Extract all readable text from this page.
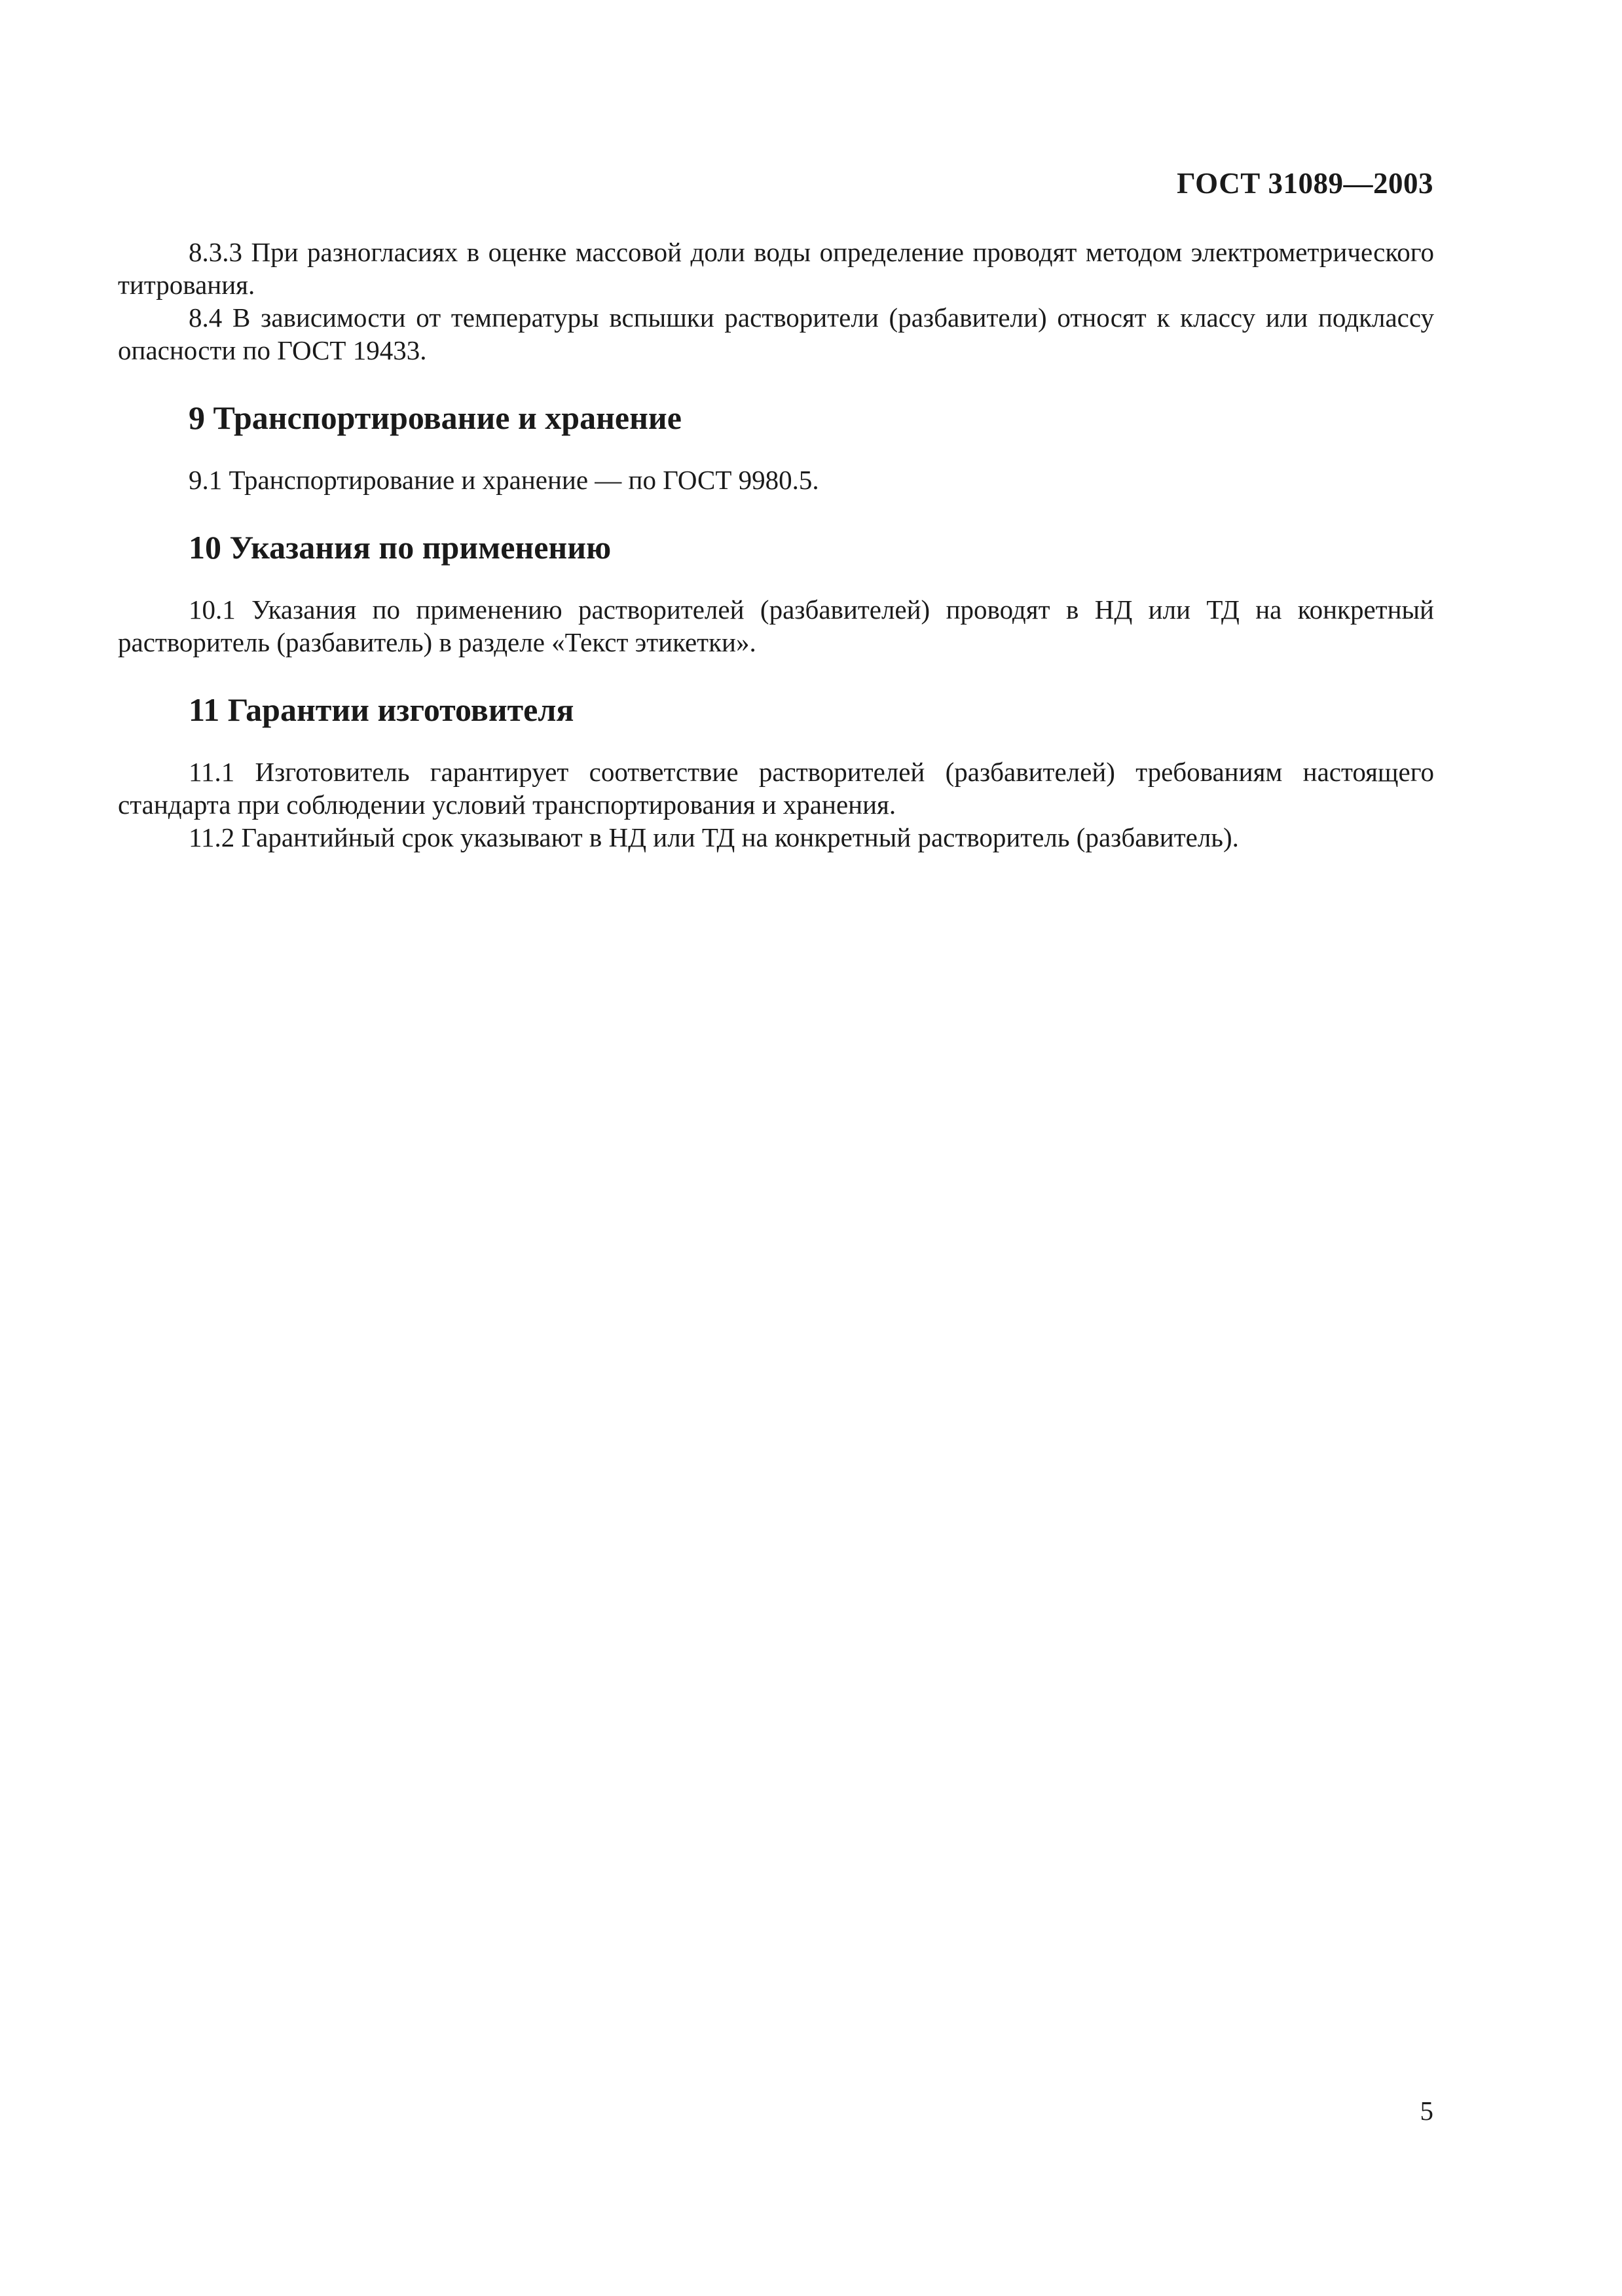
ГОСТ 31089—2003

8.3.3 При разногласиях в оценке массовой доли воды определение проводят методом электрометрического титрования.

8.4 В зависимости от температуры вспышки растворители (разбавители) относят к классу или подклассу опасности по ГОСТ 19433.

9 Транспортирование и хранение

9.1 Транспортирование и хранение — по ГОСТ 9980.5.

10 Указания по применению

10.1 Указания по применению растворителей (разбавителей) проводят в НД или ТД на конкретный растворитель (разбавитель) в разделе «Текст этикетки».

11 Гарантии изготовителя

11.1 Изготовитель гарантирует соответствие растворителей (разбавителей) требованиям настоящего стандарта при соблюдении условий транспортирования и хранения.

11.2 Гарантийный срок указывают в НД или ТД на конкретный растворитель (разбавитель).

5
